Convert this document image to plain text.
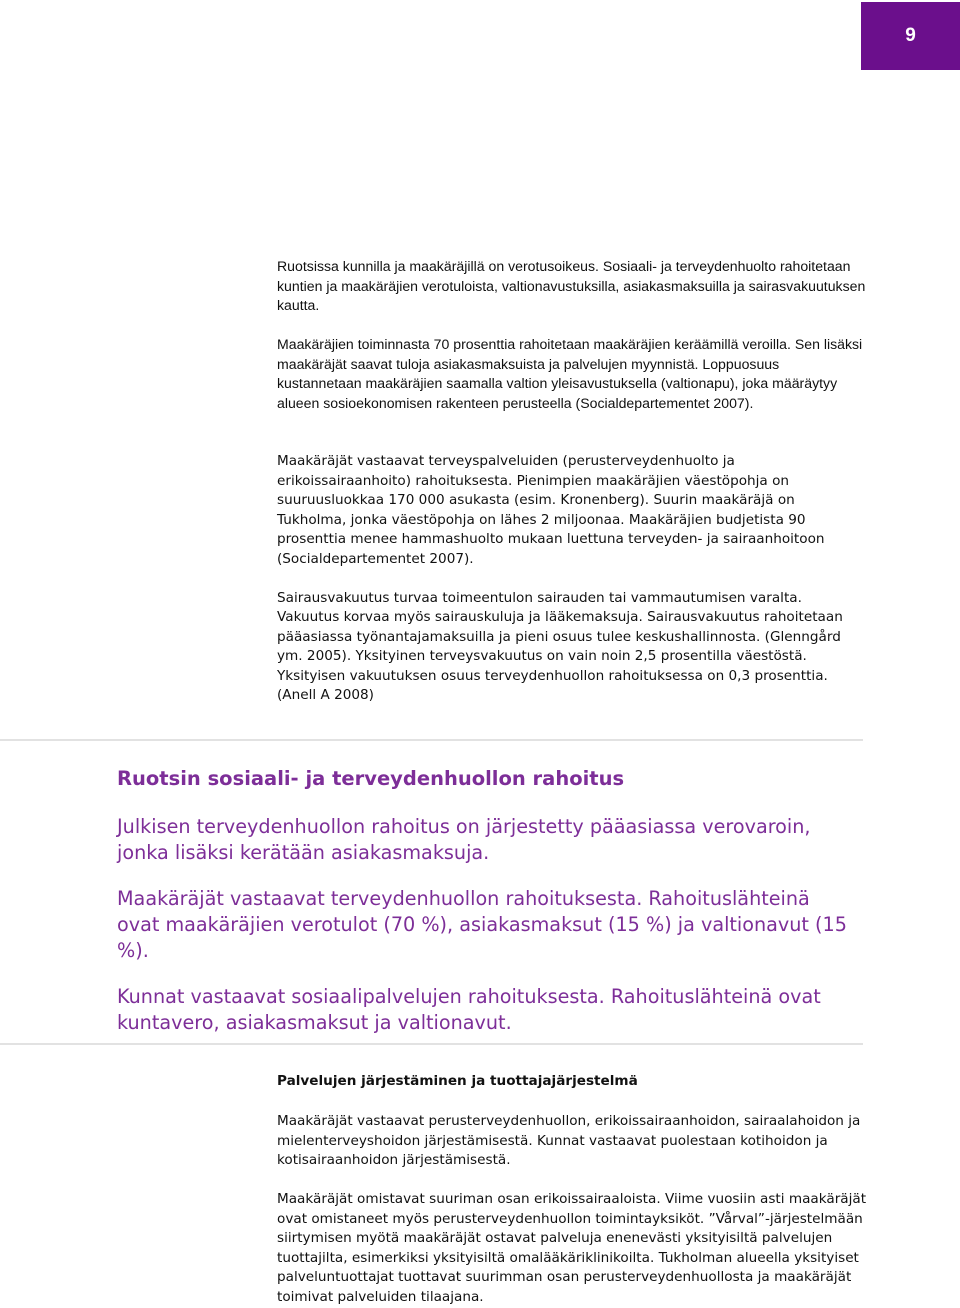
9

Ruotsissa kunnilla ja maakäräjillä on verotusoikeus. Sosiaali- ja terveydenhuolto rahoitetaan kuntien ja maakäräjien verotuloista, valtionavustuksilla, asiakasmaksuilla ja sairasvakuutuksen kautta.

Maakäräjien toiminnasta 70 prosenttia rahoitetaan maakäräjien keräämillä veroilla. Sen lisäksi maakäräjät saavat tuloja asiakasmaksuista ja palvelujen myynnistä. Loppuosuus kustannetaan maakäräjien saamalla valtion yleisavustuksella (valtionapu), joka määräytyy alueen sosioekonomisen rakenteen perusteella (Socialdepartementet 2007).

Maakäräjät vastaavat terveyspalveluiden (perusterveydenhuolto ja erikoissairaanhoito) rahoituksesta. Pienimpien maakäräjien väestöpohja on suuruusluokkaa 170 000 asukasta (esim. Kronenberg). Suurin maakäräjä on Tukholma, jonka väestöpohja on lähes 2 miljoonaa. Maakäräjien budjetista 90 prosenttia menee hammashuolto mukaan luettuna terveyden- ja sairaanhoitoon (Socialdepartementet 2007).

Sairausvakuutus turvaa toimeentulon sairauden tai vammautumisen varalta. Vakuutus korvaa myös sairauskuluja ja lääkemaksuja. Sairausvakuutus rahoitetaan pääasiassa työnantajamaksuilla ja pieni osuus tulee keskushallinnosta. (Glenngård ym. 2005). Yksityinen terveysvakuutus on vain noin 2,5 prosentilla väestöstä. Yksityisen vakuutuksen osuus terveydenhuollon rahoituksessa on 0,3 prosenttia. (Anell A 2008)

Ruotsin sosiaali- ja terveydenhuollon rahoitus

Julkisen terveydenhuollon rahoitus on järjestetty pääasiassa verovaroin, jonka lisäksi kerätään asiakasmaksuja.

Maakäräjät vastaavat terveydenhuollon rahoituksesta. Rahoituslähteinä ovat maakäräjien verotulot (70 %), asiakasmaksut (15 %) ja valtionavut (15 %).

Kunnat vastaavat sosiaalipalvelujen rahoituksesta. Rahoituslähteinä ovat kuntavero, asiakasmaksut ja valtionavut.

Palvelujen järjestäminen ja tuottajajärjestelmä

Maakäräjät vastaavat perusterveydenhuollon, erikoissairaanhoidon, sairaalahoidon ja mielenterveyshoidon järjestämisestä. Kunnat vastaavat puolestaan kotihoidon ja kotisairaanhoidon järjestämisestä.

Maakäräjät omistavat suuriman osan erikoissairaaloista. Viime vuosiin asti maakäräjät ovat omistaneet myös perusterveydenhuollon toimintayksiköt. ”Vårval”-järjestelmään siirtymisen myötä maakäräjät ostavat palveluja enenevästi yksityisiltä palvelujen tuottajilta, esimerkiksi yksityisiltä omalääkäriklinikoilta. Tukholman alueella yksityiset palveluntuottajat tuottavat suurimman osan perusterveydenhuollosta ja maakäräjät toimivat palveluiden tilaajana.
